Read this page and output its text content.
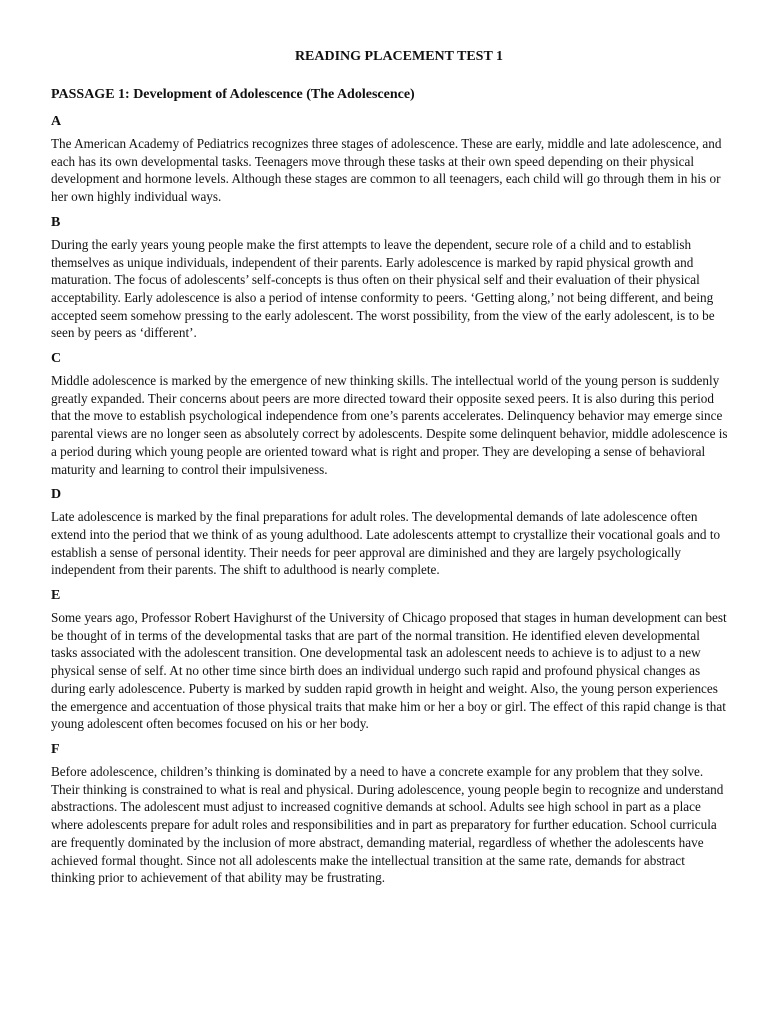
READING PLACEMENT TEST 1
PASSAGE 1: Development of Adolescence (The Adolescence)
A

The American Academy of Pediatrics recognizes three stages of adolescence. These are early, middle and late adolescence, and each has its own developmental tasks. Teenagers move through these tasks at their own speed depending on their physical development and hormone levels. Although these stages are common to all teenagers, each child will go through them in his or her own highly individual ways.

B

During the early years young people make the first attempts to leave the dependent, secure role of a child and to establish themselves as unique individuals, independent of their parents. Early adolescence is marked by rapid physical growth and maturation. The focus of adolescents’ self-concepts is thus often on their physical self and their evaluation of their physical acceptability. Early adolescence is also a period of intense conformity to peers. ‘Getting along,’ not being different, and being accepted seem somehow pressing to the early adolescent. The worst possibility, from the view of the early adolescent, is to be seen by peers as ‘different’.

C

Middle adolescence is marked by the emergence of new thinking skills. The intellectual world of the young person is suddenly greatly expanded. Their concerns about peers are more directed toward their opposite sexed peers. It is also during this period that the move to establish psychological independence from one’s parents accelerates. Delinquency behavior may emerge since parental views are no longer seen as absolutely correct by adolescents. Despite some delinquent behavior, middle adolescence is a period during which young people are oriented toward what is right and proper. They are developing a sense of behavioral maturity and learning to control their impulsiveness.

D

Late adolescence is marked by the final preparations for adult roles. The developmental demands of late adolescence often extend into the period that we think of as young adulthood. Late adolescents attempt to crystallize their vocational goals and to establish a sense of personal identity. Their needs for peer approval are diminished and they are largely psychologically independent from their parents. The shift to adulthood is nearly complete.

E

Some years ago, Professor Robert Havighurst of the University of Chicago proposed that stages in human development can best be thought of in terms of the developmental tasks that are part of the normal transition. He identified eleven developmental tasks associated with the adolescent transition. One developmental task an adolescent needs to achieve is to adjust to a new physical sense of self. At no other time since birth does an individual undergo such rapid and profound physical changes as during early adolescence. Puberty is marked by sudden rapid growth in height and weight. Also, the young person experiences the emergence and accentuation of those physical traits that make him or her a boy or girl. The effect of this rapid change is that young adolescent often becomes focused on his or her body.

F

Before adolescence, children’s thinking is dominated by a need to have a concrete example for any problem that they solve. Their thinking is constrained to what is real and physical. During adolescence, young people begin to recognize and understand abstractions. The adolescent must adjust to increased cognitive demands at school. Adults see high school in part as a place where adolescents prepare for adult roles and responsibilities and in part as preparatory for further education. School curricula are frequently dominated by the inclusion of more abstract, demanding material, regardless of whether the adolescents have achieved formal thought. Since not all adolescents make the intellectual transition at the same rate, demands for abstract thinking prior to achievement of that ability may be frustrating.
